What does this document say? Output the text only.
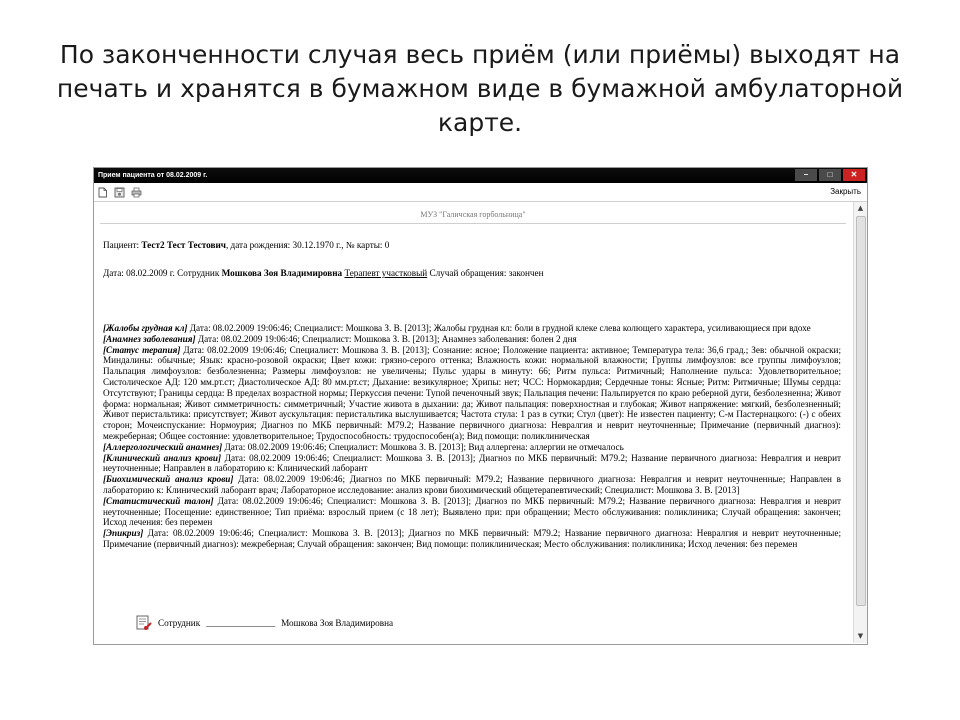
По законченности случая весь приём (или приёмы) выходят на
печать и хранятся в бумажном виде в бумажной амбулаторной
карте.
Прием пациента от 08.02.2009 г.	–	□	✕
Закрыть
МУЗ "Галичская горбольница"
Пациент: Тест2 Тест Тестович, дата рождения: 30.12.1970 г., № карты: 0
Дата: 08.02.2009 г. Сотрудник Мошкова Зоя Владимировна Терапевт участковый Случай обращения: закончен

[Жалобы грудная кл] Дата: 08.02.2009 19:06:46; Специалист: Мошкова З. В. [2013]; Жалобы грудная кл: боли в грудной клеке слева колющего характера, усиливающиеся при вдохе

[Анамнез заболевания] Дата: 08.02.2009 19:06:46; Специалист: Мошкова З. В. [2013]; Анамнез заболевания: болен 2 дня

[Статус терапия] Дата: 08.02.2009 19:06:46; Специалист: Мошкова З. В. [2013]; Сознание: ясное; Положение пациента: активное; Температура тела: 36,6 град.; Зев: обычной окраски; Миндалины: обычные; Язык: красно-розовой окраски; Цвет кожи: грязно-серого оттенка; Влажность кожи: нормальной влажности; Группы лимфоузлов: все группы лимфоузлов; Пальпация лимфоузлов: безболезненна; Размеры лимфоузлов: не увеличены; Пульс удары в минуту: 66; Ритм пульса: Ритмичный; Наполнение пульса: Удовлетворительное; Систолическое АД: 120 мм.рт.ст; Диастолическое АД: 80 мм.рт.ст; Дыхание: везикулярное; Хрипы: нет; ЧСС: Нормокардия; Сердечные тоны: Ясные; Ритм: Ритмичные; Шумы сердца: Отсутствуют; Границы сердца: В пределах возрастной нормы; Перкуссия печени: Тупой печеночный звук; Пальпация печени: Пальпируется по краю реберной дуги, безболезненна; Живот форма: нормальная; Живот симметричность: симметричный; Участие живота в дыхании: да; Живот пальпация: поверхностная и глубокая; Живот напряжение: мягкий, безболезненный; Живот перистальтика: присутствует; Живот аускультация: перистальтика выслушивается; Частота стула: 1 раз в сутки; Стул (цвет): Не известен пациенту; С-м Пастернацкого: (-) с обеих сторон; Мочеиспускание: Нормоурия; Диагноз по МКБ первичный: М79.2; Название первичного диагноза: Невралгия и неврит неуточненные; Примечание (первичный диагноз): межреберная; Общее состояние: удовлетворительное; Трудоспособность: трудоспособен(а); Вид помощи: поликлиническая

[Аллергологический анамнез] Дата: 08.02.2009 19:06:46; Специалист: Мошкова З. В. [2013]; Вид аллергена: аллергии не отмечалось

[Клинический анализ крови] Дата: 08.02.2009 19:06:46; Специалист: Мошкова З. В. [2013]; Диагноз по МКБ первичный: М79.2; Название первичного диагноза: Невралгия и неврит неуточненные; Направлен в лабораторию к: Клинический лаборант

[Биохимический анализ крови] Дата: 08.02.2009 19:06:46; Диагноз по МКБ первичный: М79.2; Название первичного диагноза: Невралгия и неврит неуточненные; Направлен в лабораторию к: Клинический лаборант врач; Лабораторное исследование: анализ крови биохимический общетерапевтический; Специалист: Мошкова З. В. [2013]

[Статистический талон] Дата: 08.02.2009 19:06:46; Специалист: Мошкова З. В. [2013]; Диагноз по МКБ первичный: М79.2; Название первичного диагноза: Невралгия и неврит неуточненные; Посещение: единственное; Тип приёма: взрослый прием (с 18 лет); Выявлено при: при обращении; Место обслуживания: поликлиника; Случай обращения: закончен; Исход лечения: без перемен

[Эпикриз] Дата: 08.02.2009 19:06:46; Специалист: Мошкова З. В. [2013]; Диагноз по МКБ первичный: М79.2; Название первичного диагноза: Невралгия и неврит неуточненные; Примечание (первичный диагноз): межреберная; Случай обращения: закончен; Вид помощи: поликлиническая; Место обслуживания: поликлиника; Исход лечения: без перемен

Сотрудник _______________ Мошкова Зоя Владимировна
▲
▼
